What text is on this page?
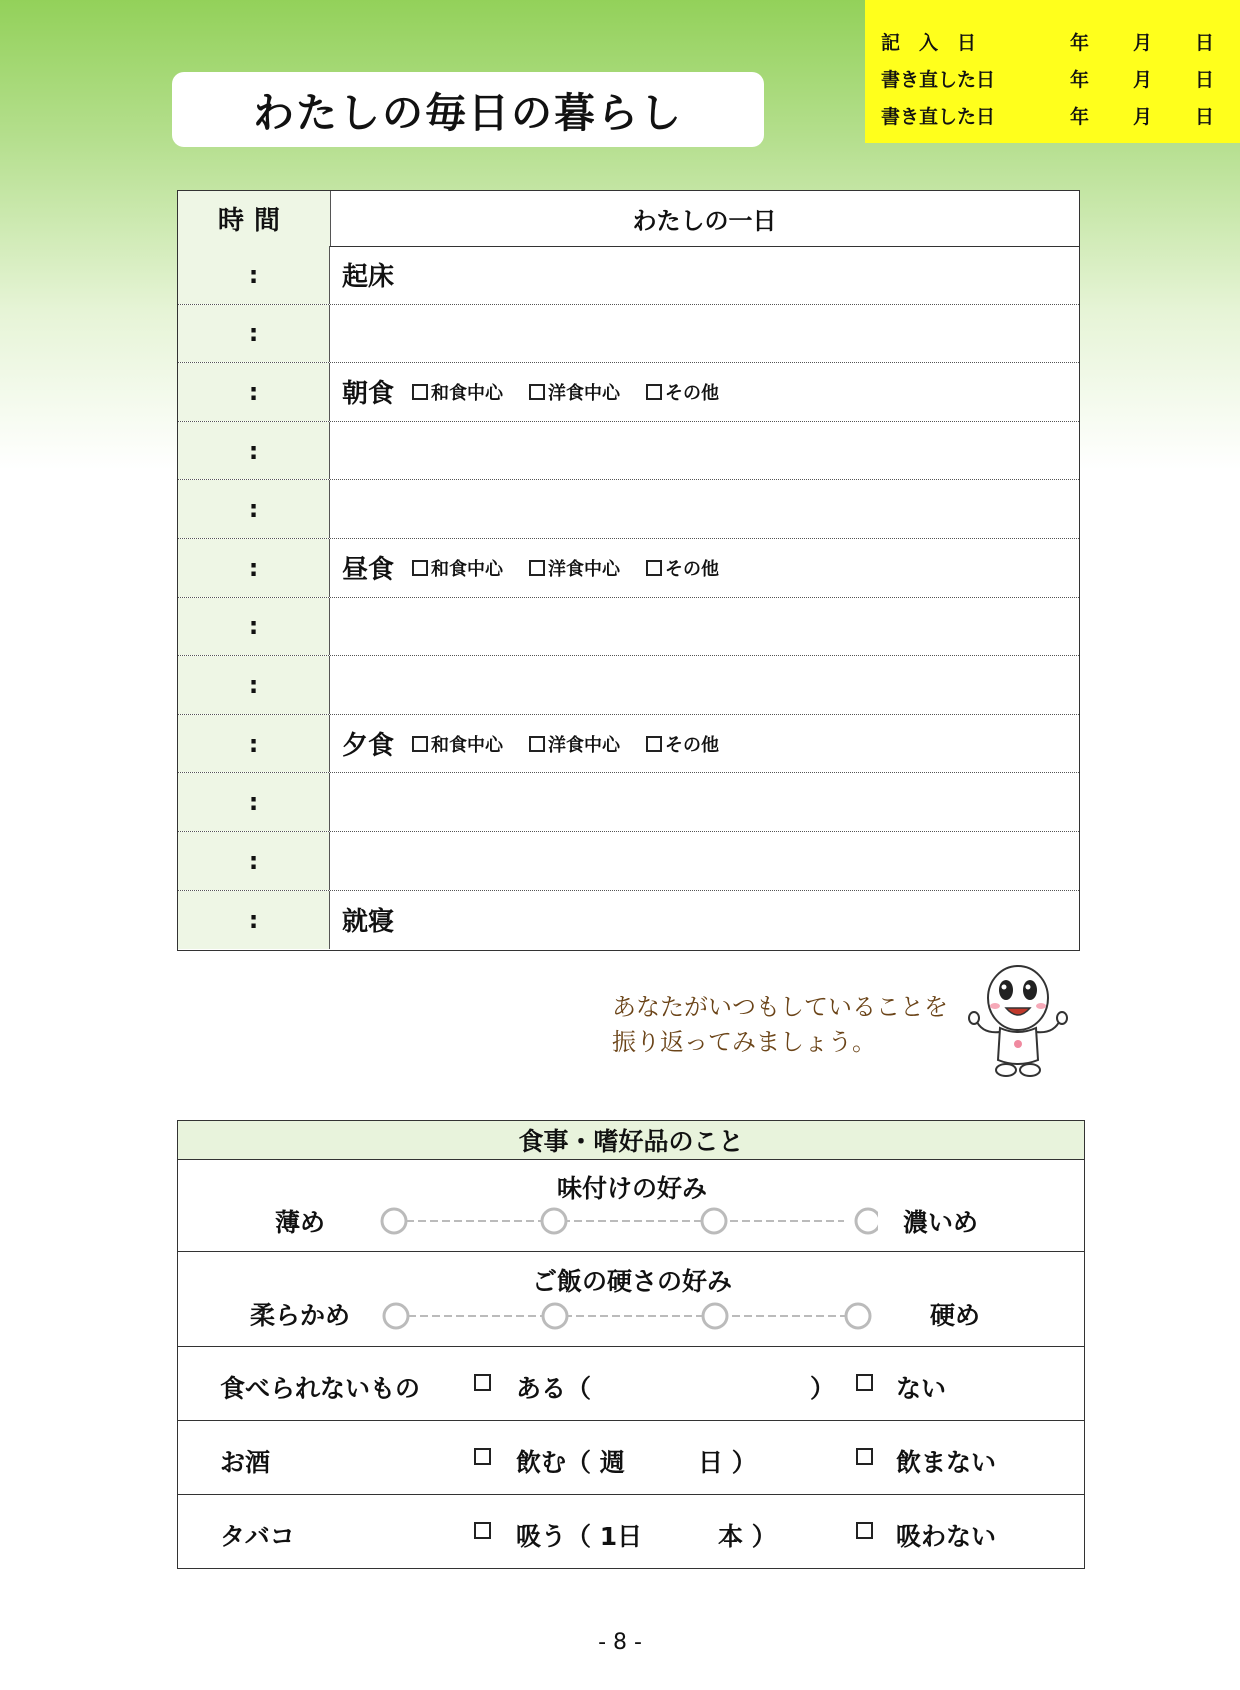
記　入　日	年 月 日
書き直した日	年 月 日
書き直した日	年 月 日
わたしの毎日の暮らし
時間	わたしの一日
:	起床
:
:	朝食 和食中心	洋食中心	その他
:
:
:	昼食 和食中心	洋食中心	その他
:
:
:	夕食 和食中心	洋食中心	その他
:
:
:	就寝
あなたがいつもしていることを
振り返ってみましょう。
食事・嗜好品のこと
味付けの好み
薄め	濃いめ
ご飯の硬さの好み
柔らかめ	硬め
食べられないもの	ある（	） ない
お酒	飲む（ 週	日 ）	飲まない
タバコ	吸う（ 1日	本 ）	吸わない
- 8 -
